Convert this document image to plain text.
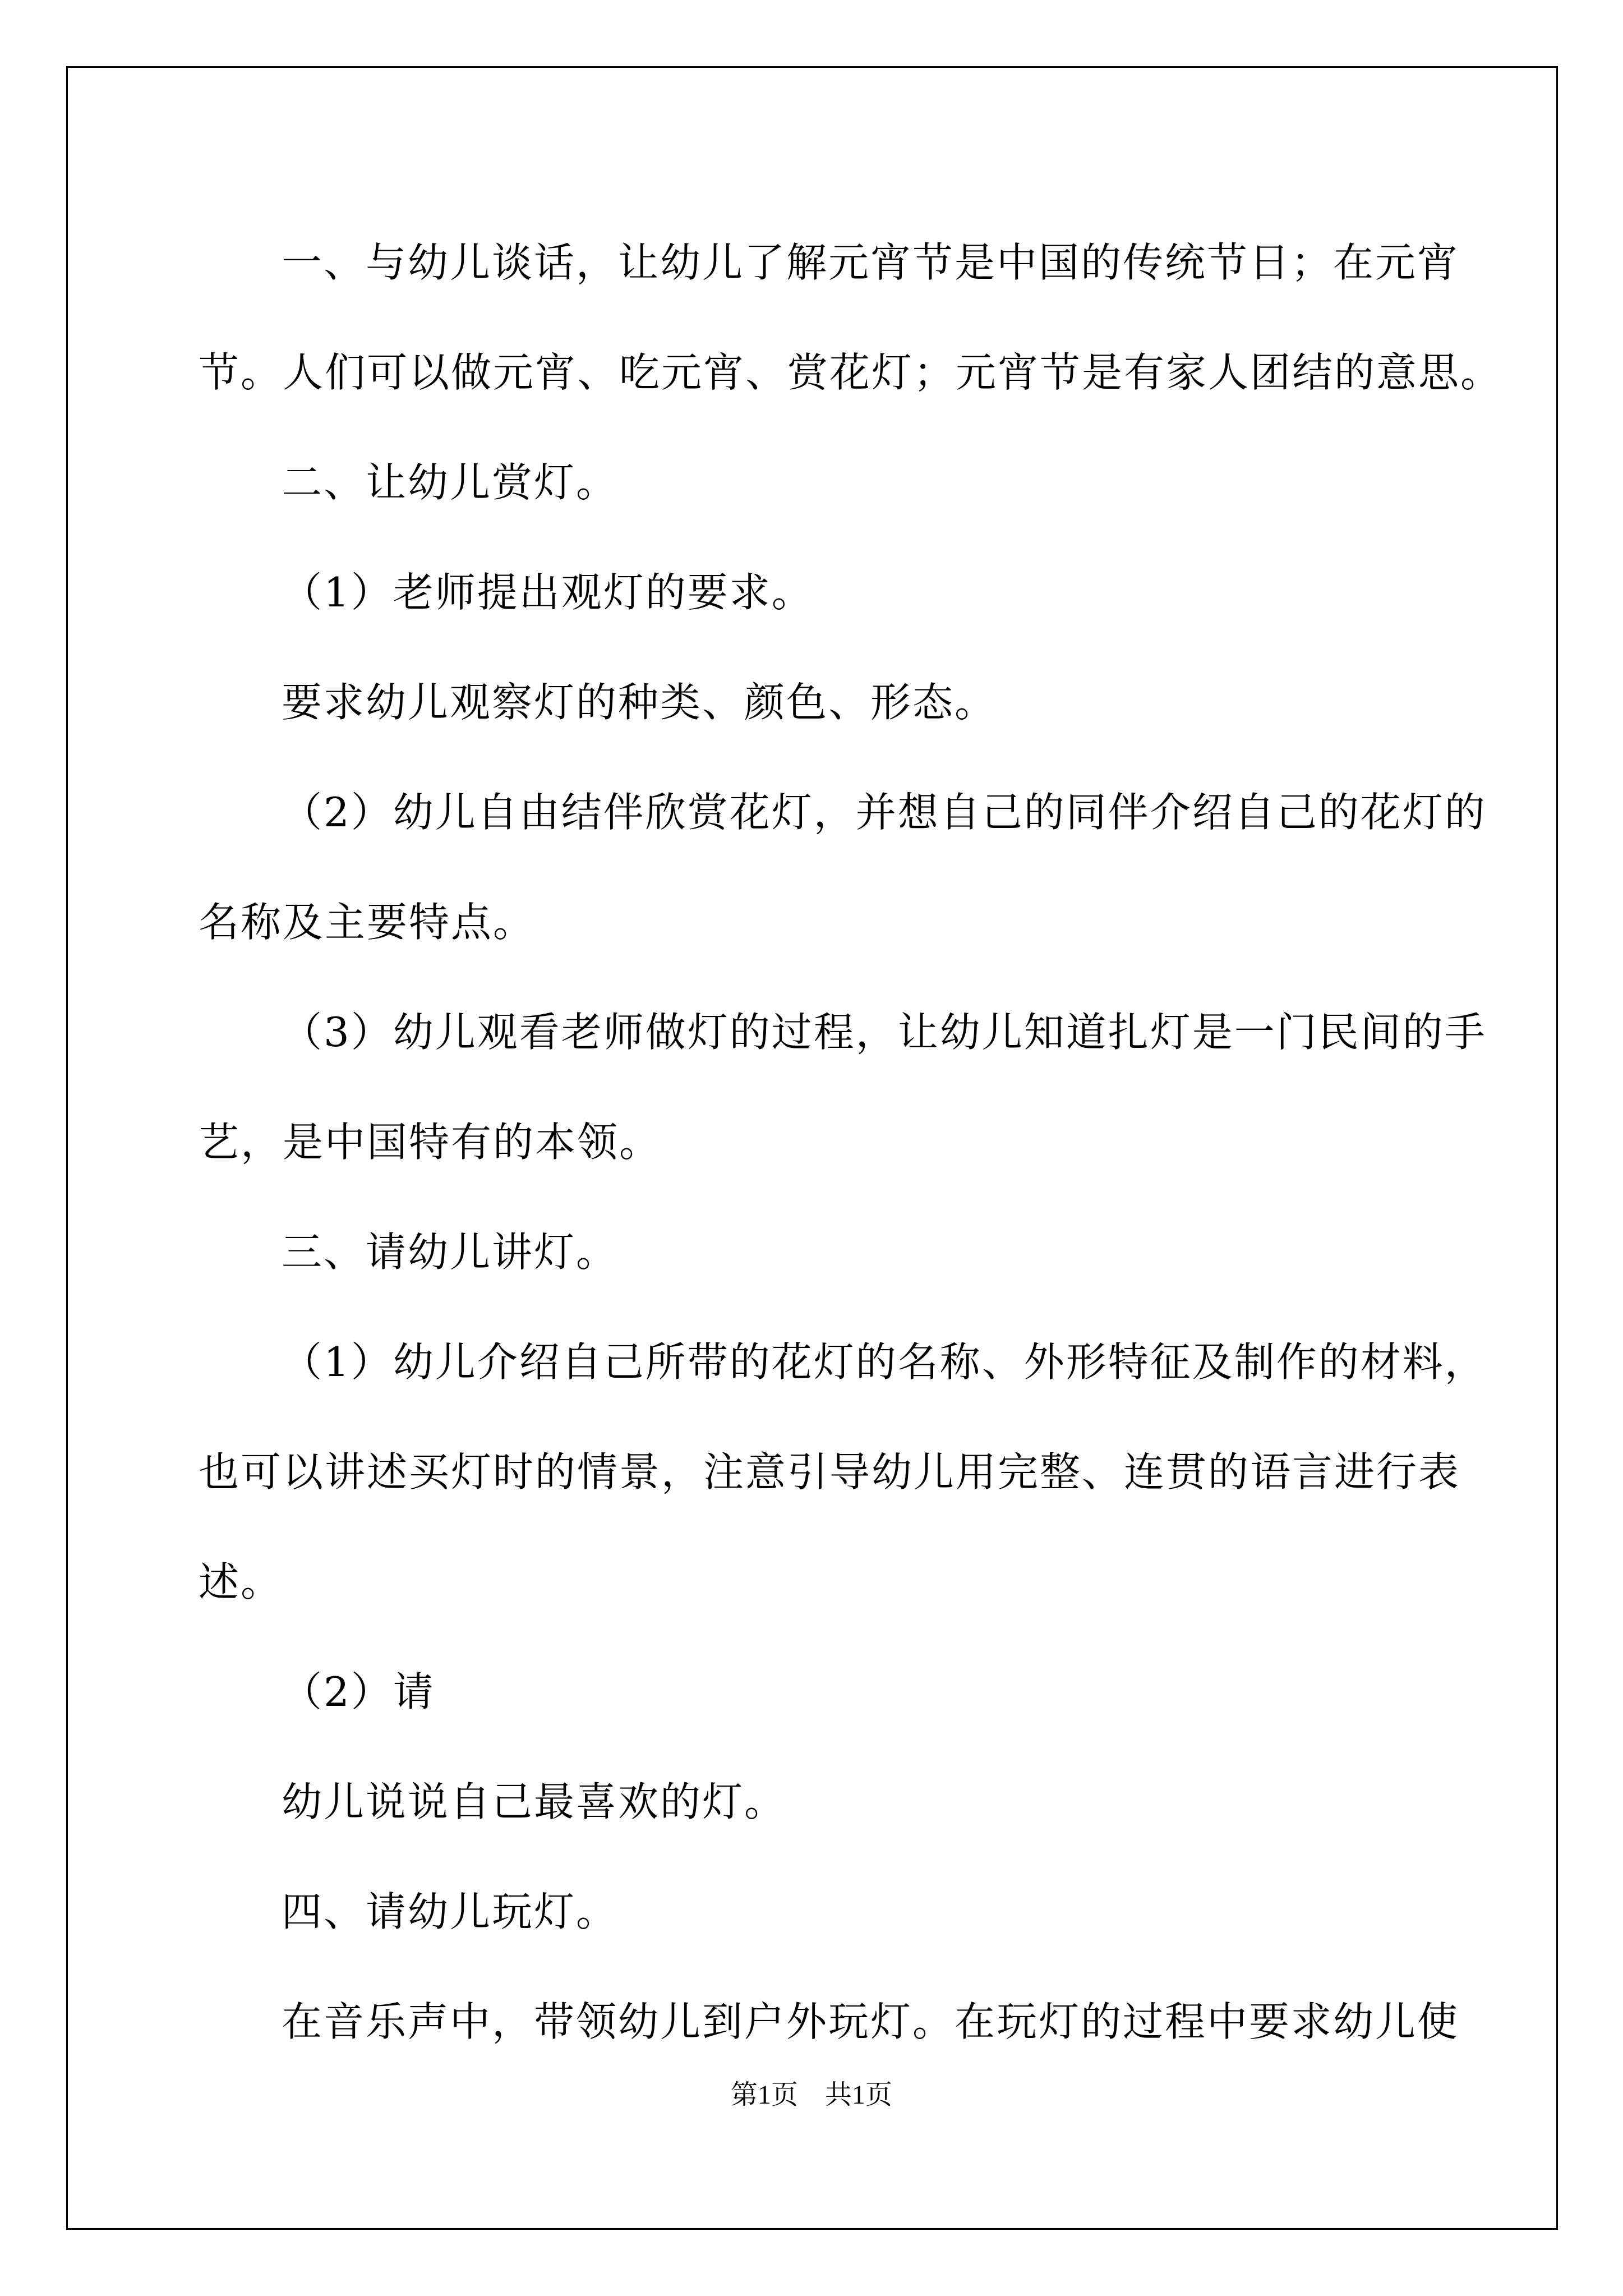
一、与幼儿谈话，让幼儿了解元宵节是中国的传统节日；在元宵

节。人们可以做元宵、吃元宵、赏花灯；元宵节是有家人团结的意思。

二、让幼儿赏灯。

（1）老师提出观灯的要求。

要求幼儿观察灯的种类、颜色、形态。

（2）幼儿自由结伴欣赏花灯，并想自己的同伴介绍自己的花灯的

名称及主要特点。

（3）幼儿观看老师做灯的过程，让幼儿知道扎灯是一门民间的手

艺，是中国特有的本领。

三、请幼儿讲灯。

（1）幼儿介绍自己所带的花灯的名称、外形特征及制作的材料，

也可以讲述买灯时的情景，注意引导幼儿用完整、连贯的语言进行表

述。

（2）请

幼儿说说自己最喜欢的灯。

四、请幼儿玩灯。

在音乐声中，带领幼儿到户外玩灯。在玩灯的过程中要求幼儿使

第1页　共1页
